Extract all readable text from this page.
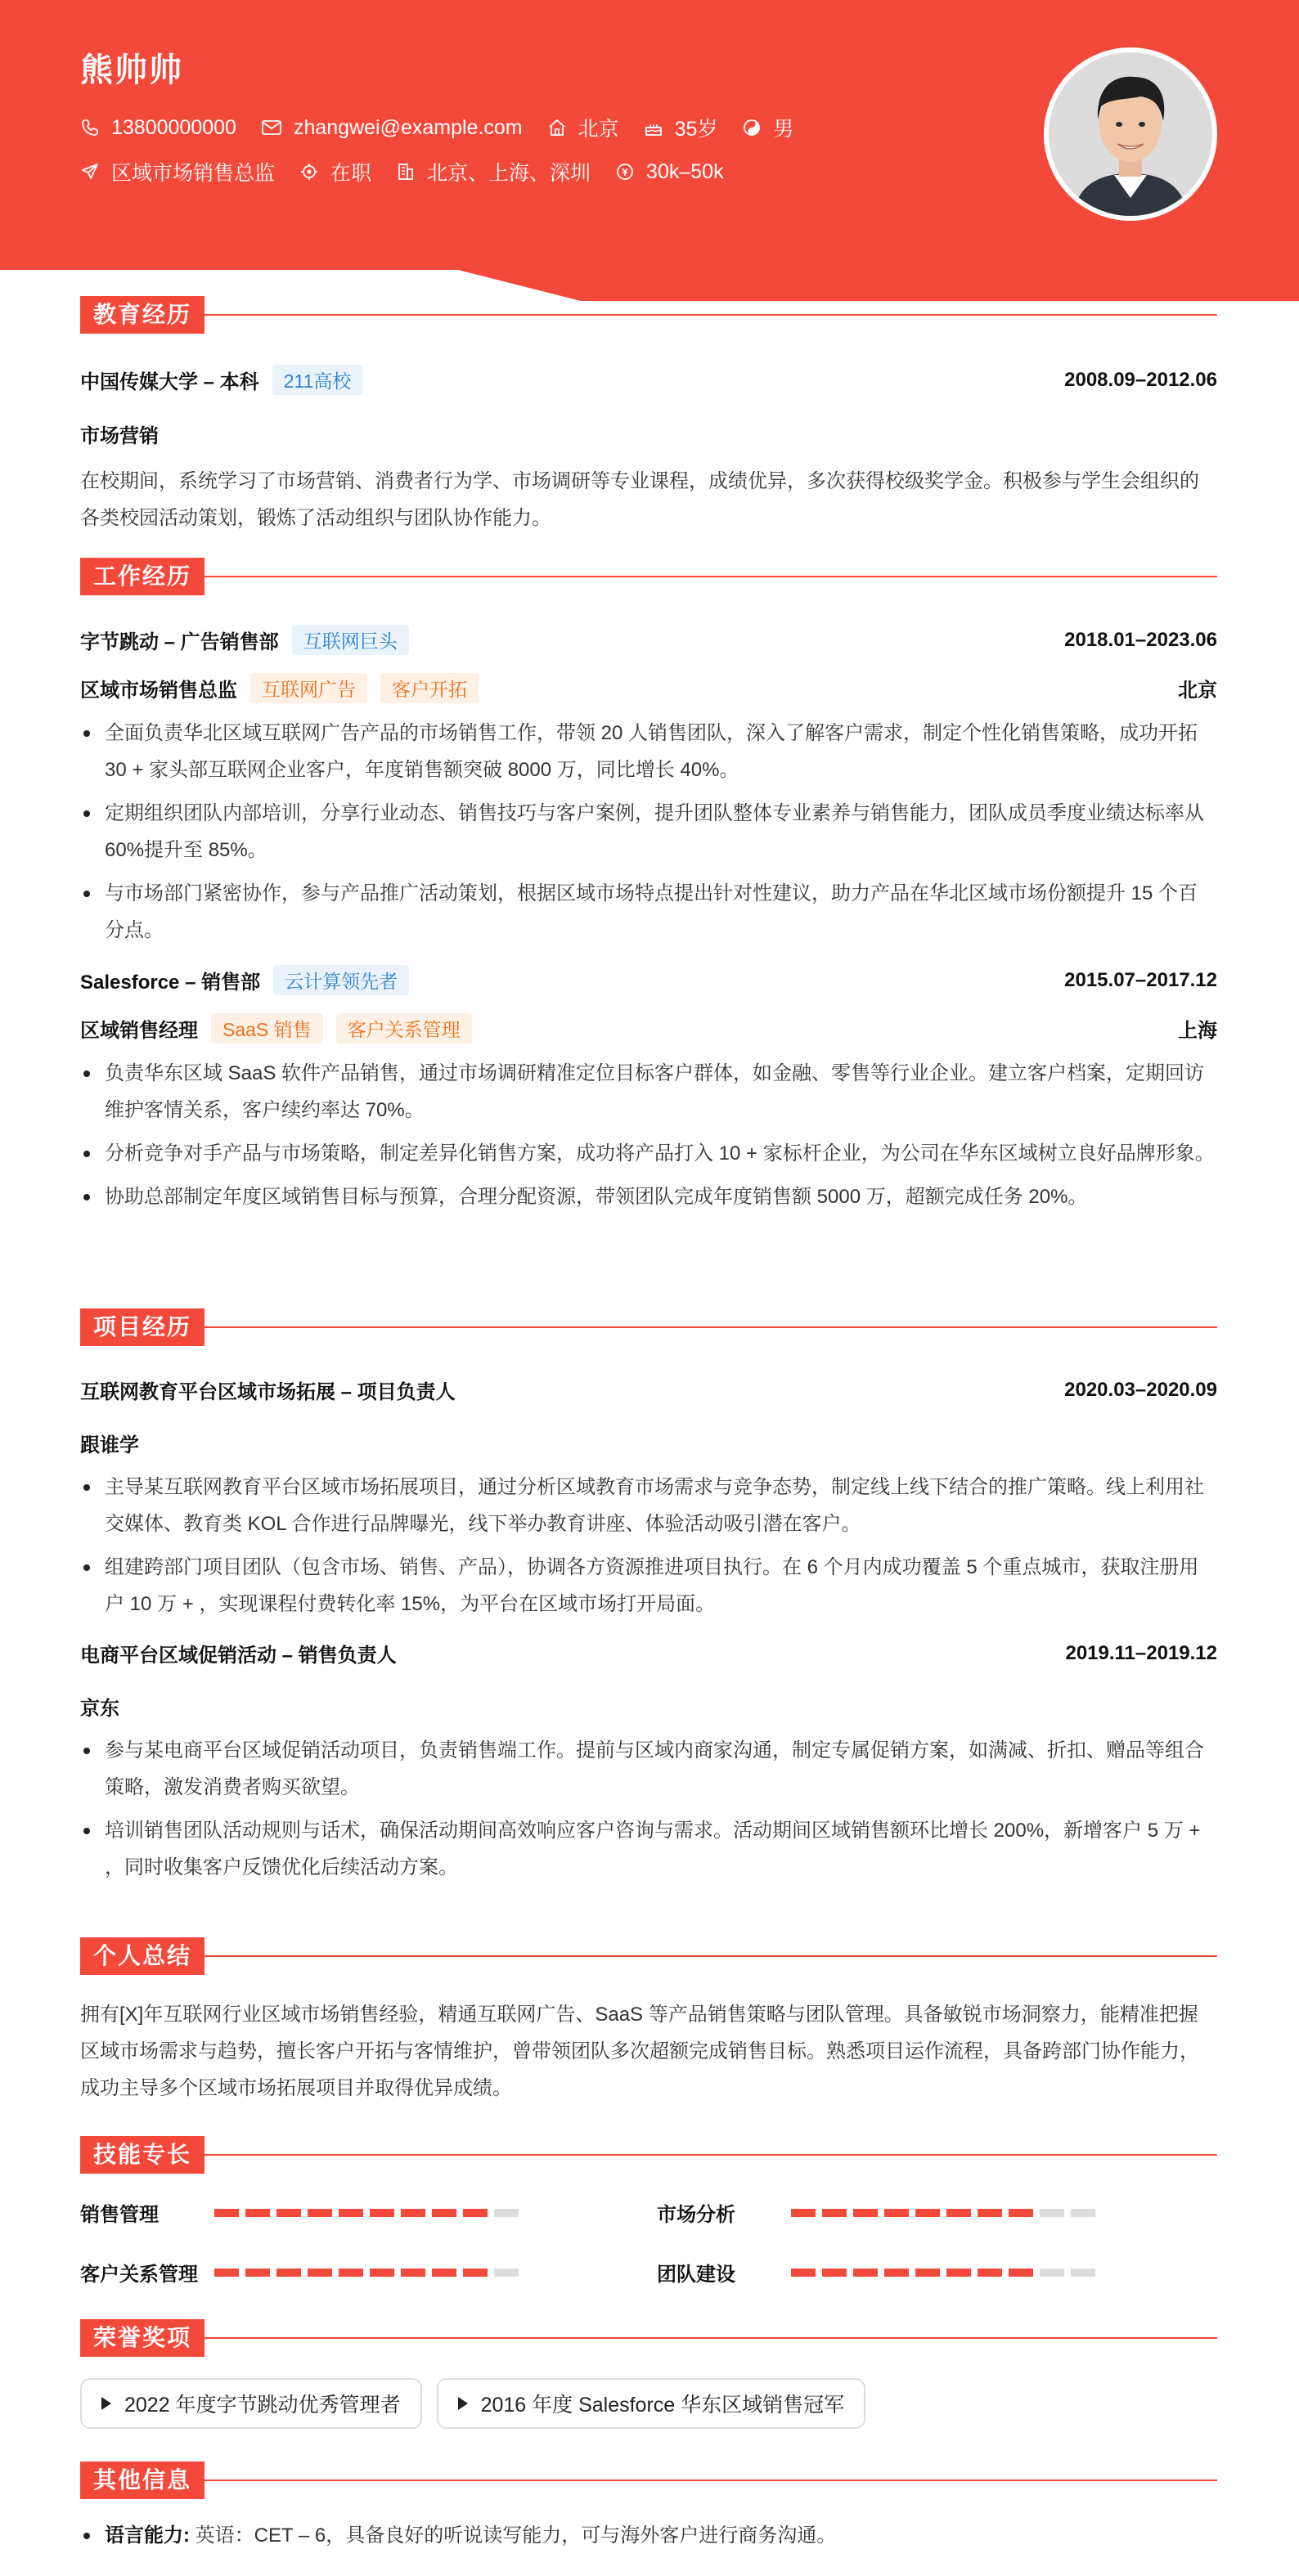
熊帅帅
13800000000	zhangwei@example.com	北京	35岁	男
区域市场销售总监	在职	北京、上海、深圳	30k–50k
教育经历
中国传媒大学 – 本科	211高校	2008.09–2012.06
市场营销
在校期间，系统学习了市场营销、消费者行为学、市场调研等专业课程，成绩优异，多次获得校级奖学金。积极参与学生会组织的各类校园活动策划，锻炼了活动组织与团队协作能力。
工作经历
字节跳动 – 广告销售部	互联网巨头	2018.01–2023.06
区域市场销售总监	互联网广告	客户开拓	北京
全面负责华北区域互联网广告产品的市场销售工作，带领 20 人销售团队，深入了解客户需求，制定个性化销售策略，成功开拓 30 + 家头部互联网企业客户，年度销售额突破 8000 万，同比增长 40%。
定期组织团队内部培训，分享行业动态、销售技巧与客户案例，提升团队整体专业素养与销售能力，团队成员季度业绩达标率从 60%提升至 85%。
与市场部门紧密协作，参与产品推广活动策划，根据区域市场特点提出针对性建议，助力产品在华北区域市场份额提升 15 个百分点。
Salesforce – 销售部	云计算领先者	2015.07–2017.12
区域销售经理	SaaS 销售	客户关系管理	上海
负责华东区域 SaaS 软件产品销售，通过市场调研精准定位目标客户群体，如金融、零售等行业企业。建立客户档案，定期回访维护客情关系，客户续约率达 70%。
分析竞争对手产品与市场策略，制定差异化销售方案，成功将产品打入 10 + 家标杆企业，为公司在华东区域树立良好品牌形象。
协助总部制定年度区域销售目标与预算，合理分配资源，带领团队完成年度销售额 5000 万，超额完成任务 20%。
项目经历
互联网教育平台区域市场拓展 – 项目负责人	2020.03–2020.09
跟谁学
主导某互联网教育平台区域市场拓展项目，通过分析区域教育市场需求与竞争态势，制定线上线下结合的推广策略。线上利用社交媒体、教育类 KOL 合作进行品牌曝光，线下举办教育讲座、体验活动吸引潜在客户。
组建跨部门项目团队（包含市场、销售、产品），协调各方资源推进项目执行。在 6 个月内成功覆盖 5 个重点城市，获取注册用户 10 万 + ，实现课程付费转化率 15%，为平台在区域市场打开局面。
电商平台区域促销活动 – 销售负责人	2019.11–2019.12
京东
参与某电商平台区域促销活动项目，负责销售端工作。提前与区域内商家沟通，制定专属促销方案，如满减、折扣、赠品等组合策略，激发消费者购买欲望。
培训销售团队活动规则与话术，确保活动期间高效响应客户咨询与需求。活动期间区域销售额环比增长 200%，新增客户 5 万 + ，同时收集客户反馈优化后续活动方案。
个人总结
拥有[X]年互联网行业区域市场销售经验，精通互联网广告、SaaS 等产品销售策略与团队管理。具备敏锐市场洞察力，能精准把握区域市场需求与趋势，擅长客户开拓与客情维护，曾带领团队多次超额完成销售目标。熟悉项目运作流程，具备跨部门协作能力，成功主导多个区域市场拓展项目并取得优异成绩。
技能专长
销售管理	市场分析
客户关系管理	团队建设
荣誉奖项
2022 年度字节跳动优秀管理者	2016 年度 Salesforce 华东区域销售冠军
其他信息
语言能力: 英语：CET – 6，具备良好的听说读写能力，可与海外客户进行商务沟通。
